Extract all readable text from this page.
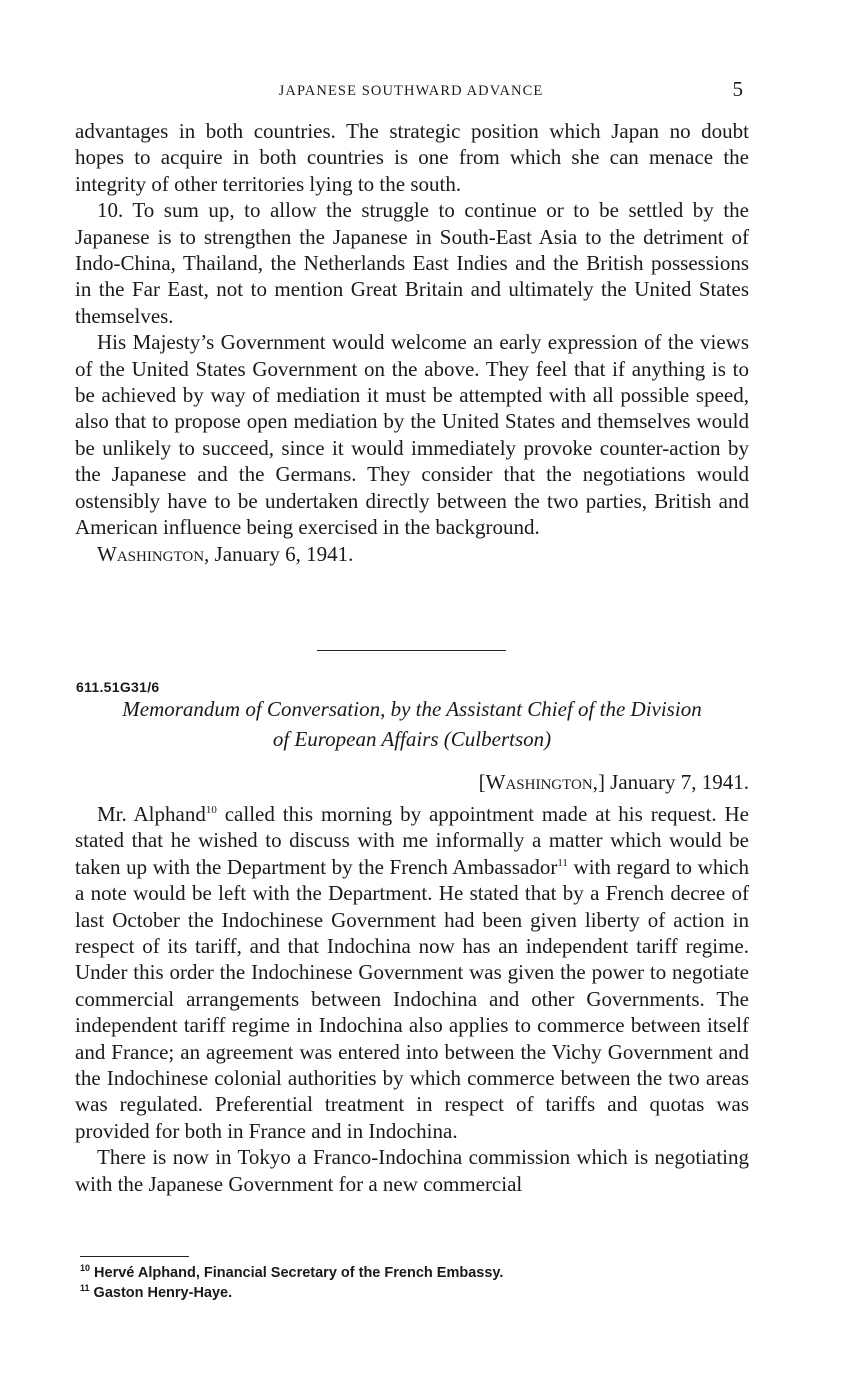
JAPANESE SOUTHWARD ADVANCE	5

advantages in both countries. The strategic position which Japan no doubt hopes to acquire in both countries is one from which she can menace the integrity of other territories lying to the south.

10. To sum up, to allow the struggle to continue or to be settled by the Japanese is to strengthen the Japanese in South-East Asia to the detriment of Indo-China, Thailand, the Netherlands East Indies and the British possessions in the Far East, not to mention Great Britain and ultimately the United States themselves.

His Majesty’s Government would welcome an early expression of the views of the United States Government on the above. They feel that if anything is to be achieved by way of mediation it must be attempted with all possible speed, also that to propose open mediation by the United States and themselves would be unlikely to succeed, since it would immediately provoke counter-action by the Japanese and the Germans. They consider that the negotiations would ostensibly have to be undertaken directly between the two parties, British and American influence being exercised in the background.

Washington, January 6, 1941.

611.51G31/6
Memorandum of Conversation, by the Assistant Chief of the Division
of European Affairs (Culbertson)
[Washington,] January 7, 1941.

Mr. Alphand$^{10}$ called this morning by appointment made at his request. He stated that he wished to discuss with me informally a matter which would be taken up with the Department by the French Ambassador$^{11}$ with regard to which a note would be left with the Department. He stated that by a French decree of last October the Indochinese Government had been given liberty of action in respect of its tariff, and that Indochina now has an independent tariff regime. Under this order the Indochinese Government was given the power to negotiate commercial arrangements between Indochina and other Governments. The independent tariff regime in Indochina also applies to commerce between itself and France; an agreement was entered into between the Vichy Government and the Indochinese colonial authorities by which commerce between the two areas was regulated. Preferential treatment in respect of tariffs and quotas was provided for both in France and in Indochina.

There is now in Tokyo a Franco-Indochina commission which is negotiating with the Japanese Government for a new commercial

$^{10}$ Hervé Alphand, Financial Secretary of the French Embassy.
$^{11}$ Gaston Henry-Haye.
